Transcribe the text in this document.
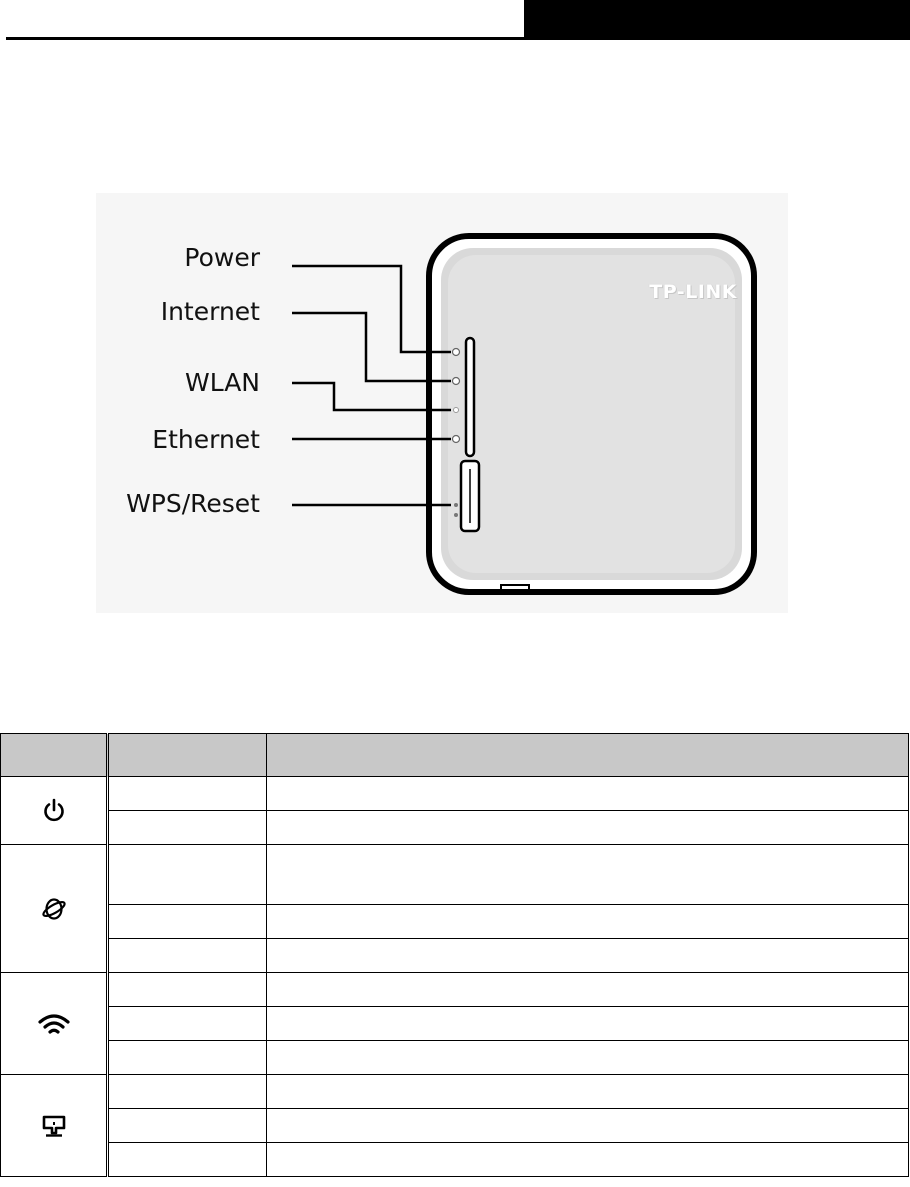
TP-LINK
Power
Internet
WLAN
Ethernet
WPS/Reset
